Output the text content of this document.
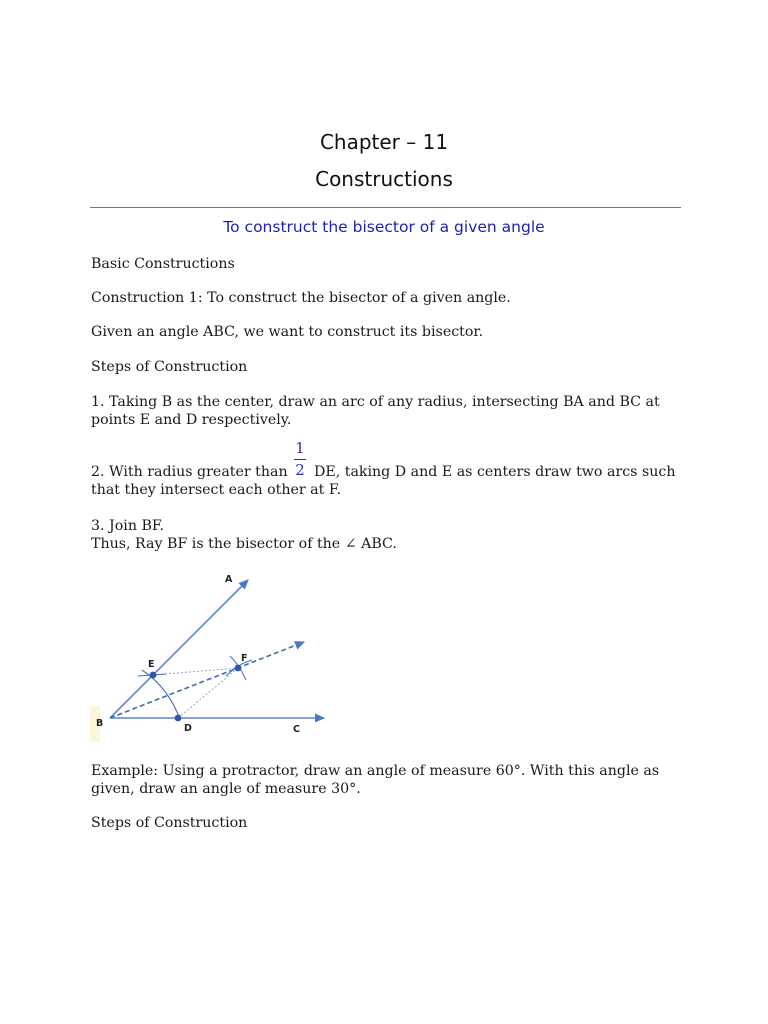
Chapter – 11
Constructions
To construct the bisector of a given angle
Basic Constructions
Construction 1: To construct the bisector of a given angle.
Given an angle ABC, we want to construct its bisector.
Steps of Construction
1. Taking B as the center, draw an arc of any radius, intersecting BA and BC at
points E and D respectively.
1
2
2. With radius greater than	DE, taking D and E as centers draw two arcs such
that they intersect each other at F.
3. Join BF.
Thus, Ray BF is the bisector of the ∠ ABC.
A
B
C
D
E
F
Example: Using a protractor, draw an angle of measure 60°. With this angle as
given, draw an angle of measure 30°.
Steps of Construction
